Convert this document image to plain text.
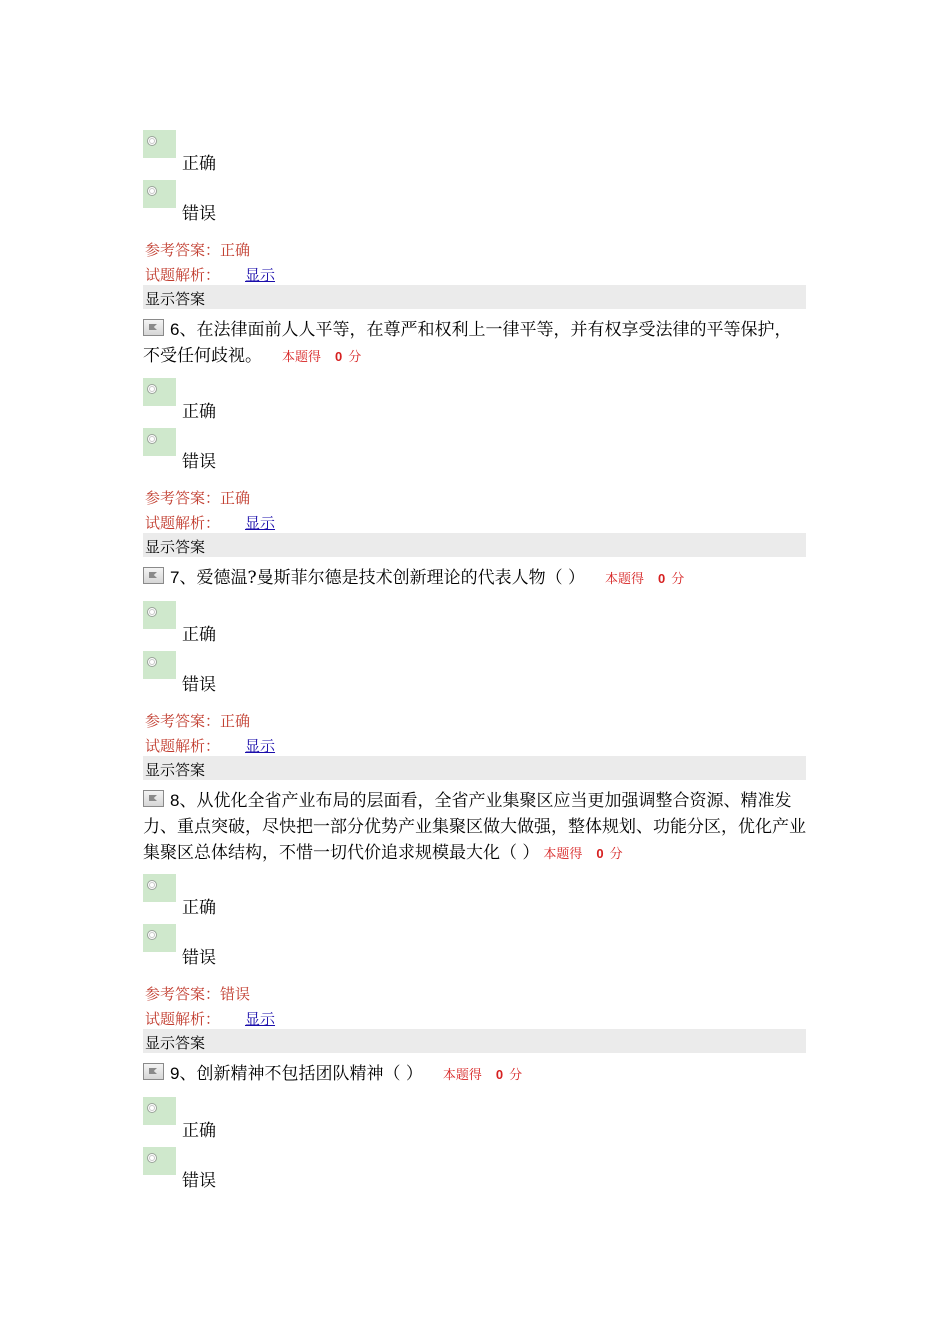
正确
错误
参考答案：正确
试题解析： 显示
显示答案
6、在法律面前人人平等，在尊严和权利上一律平等，并有权享受法律的平等保护，不受任何歧视。 本题得 0 分
正确
错误
参考答案：正确
试题解析： 显示
显示答案
7、爱德温?曼斯菲尔德是技术创新理论的代表人物（ ） 本题得 0 分
正确
错误
参考答案：正确
试题解析： 显示
显示答案
8、从优化全省产业布局的层面看，全省产业集聚区应当更加强调整合资源、精准发力、重点突破，尽快把一部分优势产业集聚区做大做强，整体规划、功能分区，优化产业集聚区总体结构，不惜一切代价追求规模最大化（ ） 本题得 0 分
正确
错误
参考答案：错误
试题解析： 显示
显示答案
9、创新精神不包括团队精神（ ） 本题得 0 分
正确
错误
